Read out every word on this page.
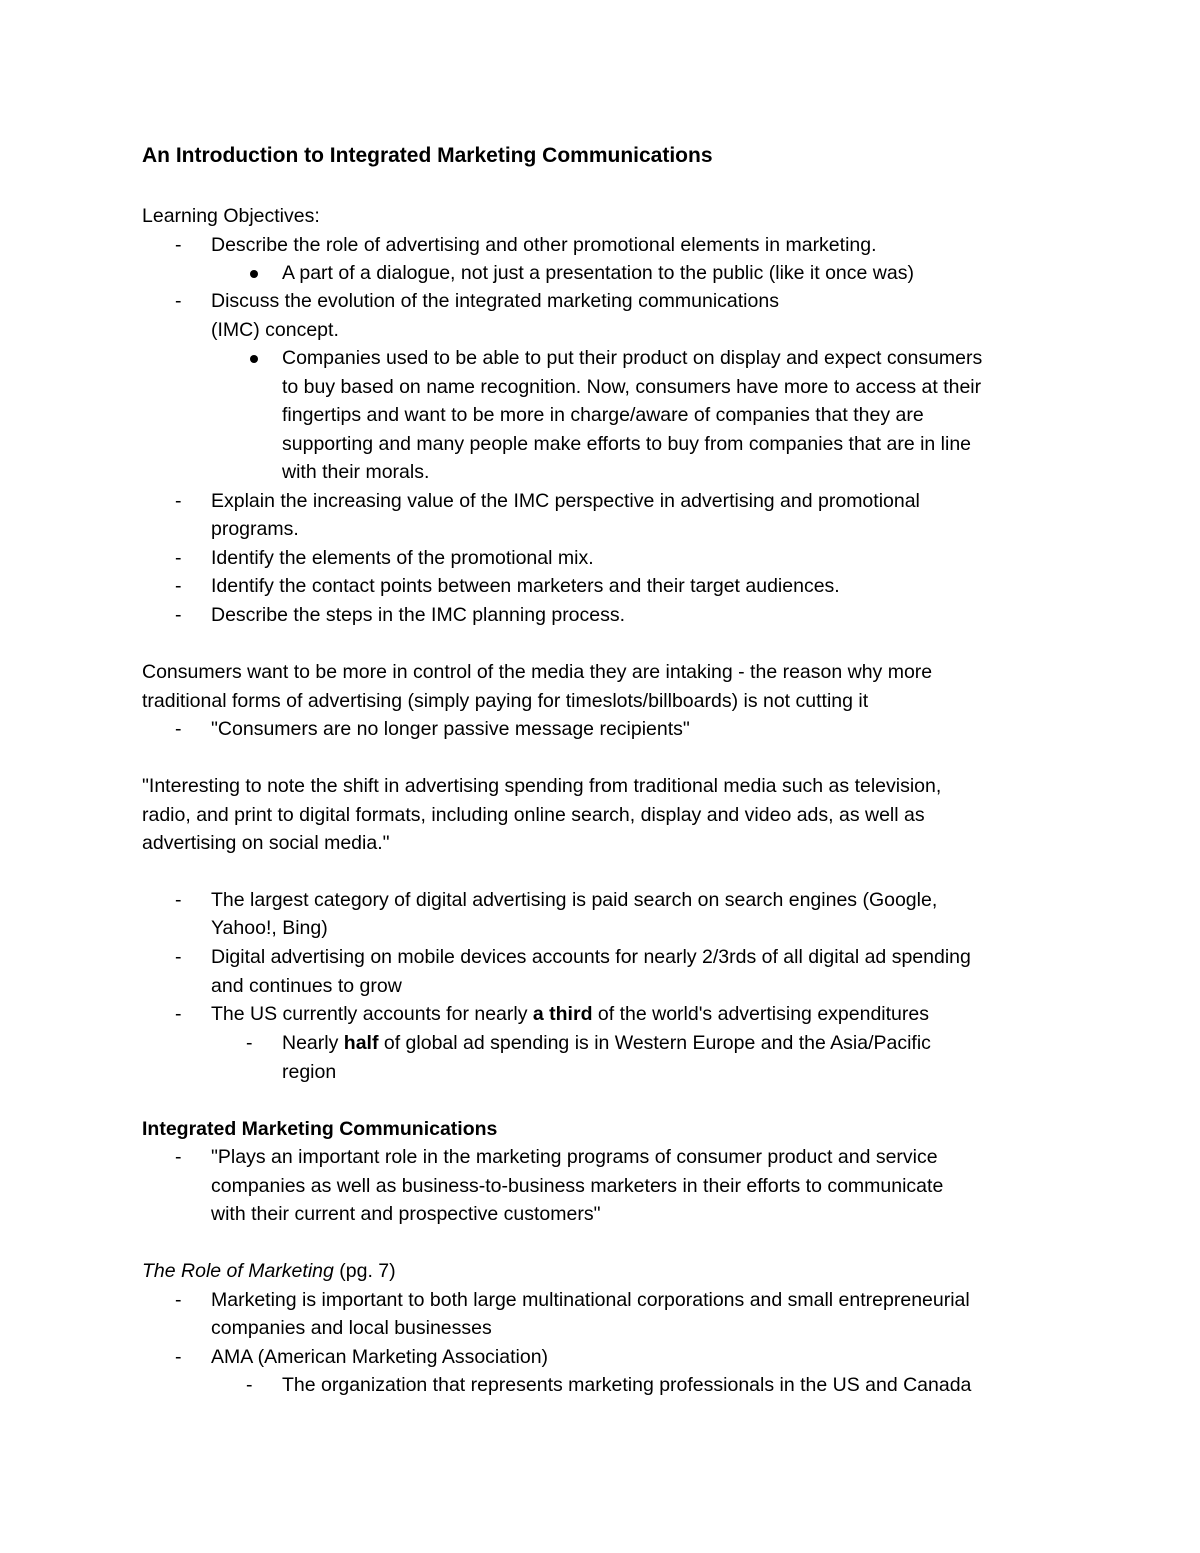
An Introduction to Integrated Marketing Communications

Learning Objectives:

- Describe the role of advertising and other promotional elements in marketing.

A part of a dialogue, not just a presentation to the public (like it once was)

- Discuss the evolution of the integrated marketing communications

(IMC) concept.

Companies used to be able to put their product on display and expect consumers

to buy based on name recognition. Now, consumers have more to access at their

fingertips and want to be more in charge/aware of companies that they are

supporting and many people make efforts to buy from companies that are in line

with their morals.

- Explain the increasing value of the IMC perspective in advertising and promotional

programs.

- Identify the elements of the promotional mix.

- Identify the contact points between marketers and their target audiences.

- Describe the steps in the IMC planning process.

Consumers want to be more in control of the media they are intaking - the reason why more

traditional forms of advertising (simply paying for timeslots/billboards) is not cutting it

- "Consumers are no longer passive message recipients"

"Interesting to note the shift in advertising spending from traditional media such as television,

radio, and print to digital formats, including online search, display and video ads, as well as

advertising on social media."

- The largest category of digital advertising is paid search on search engines (Google,

Yahoo!, Bing)

- Digital advertising on mobile devices accounts for nearly 2/3rds of all digital ad spending

and continues to grow

- The US currently accounts for nearly a third of the world's advertising expenditures

- Nearly half of global ad spending is in Western Europe and the Asia/Pacific

region

Integrated Marketing Communications

- "Plays an important role in the marketing programs of consumer product and service

companies as well as business-to-business marketers in their efforts to communicate

with their current and prospective customers"

The Role of Marketing (pg. 7)

- Marketing is important to both large multinational corporations and small entrepreneurial

companies and local businesses

- AMA (American Marketing Association)

- The organization that represents marketing professionals in the US and Canada
